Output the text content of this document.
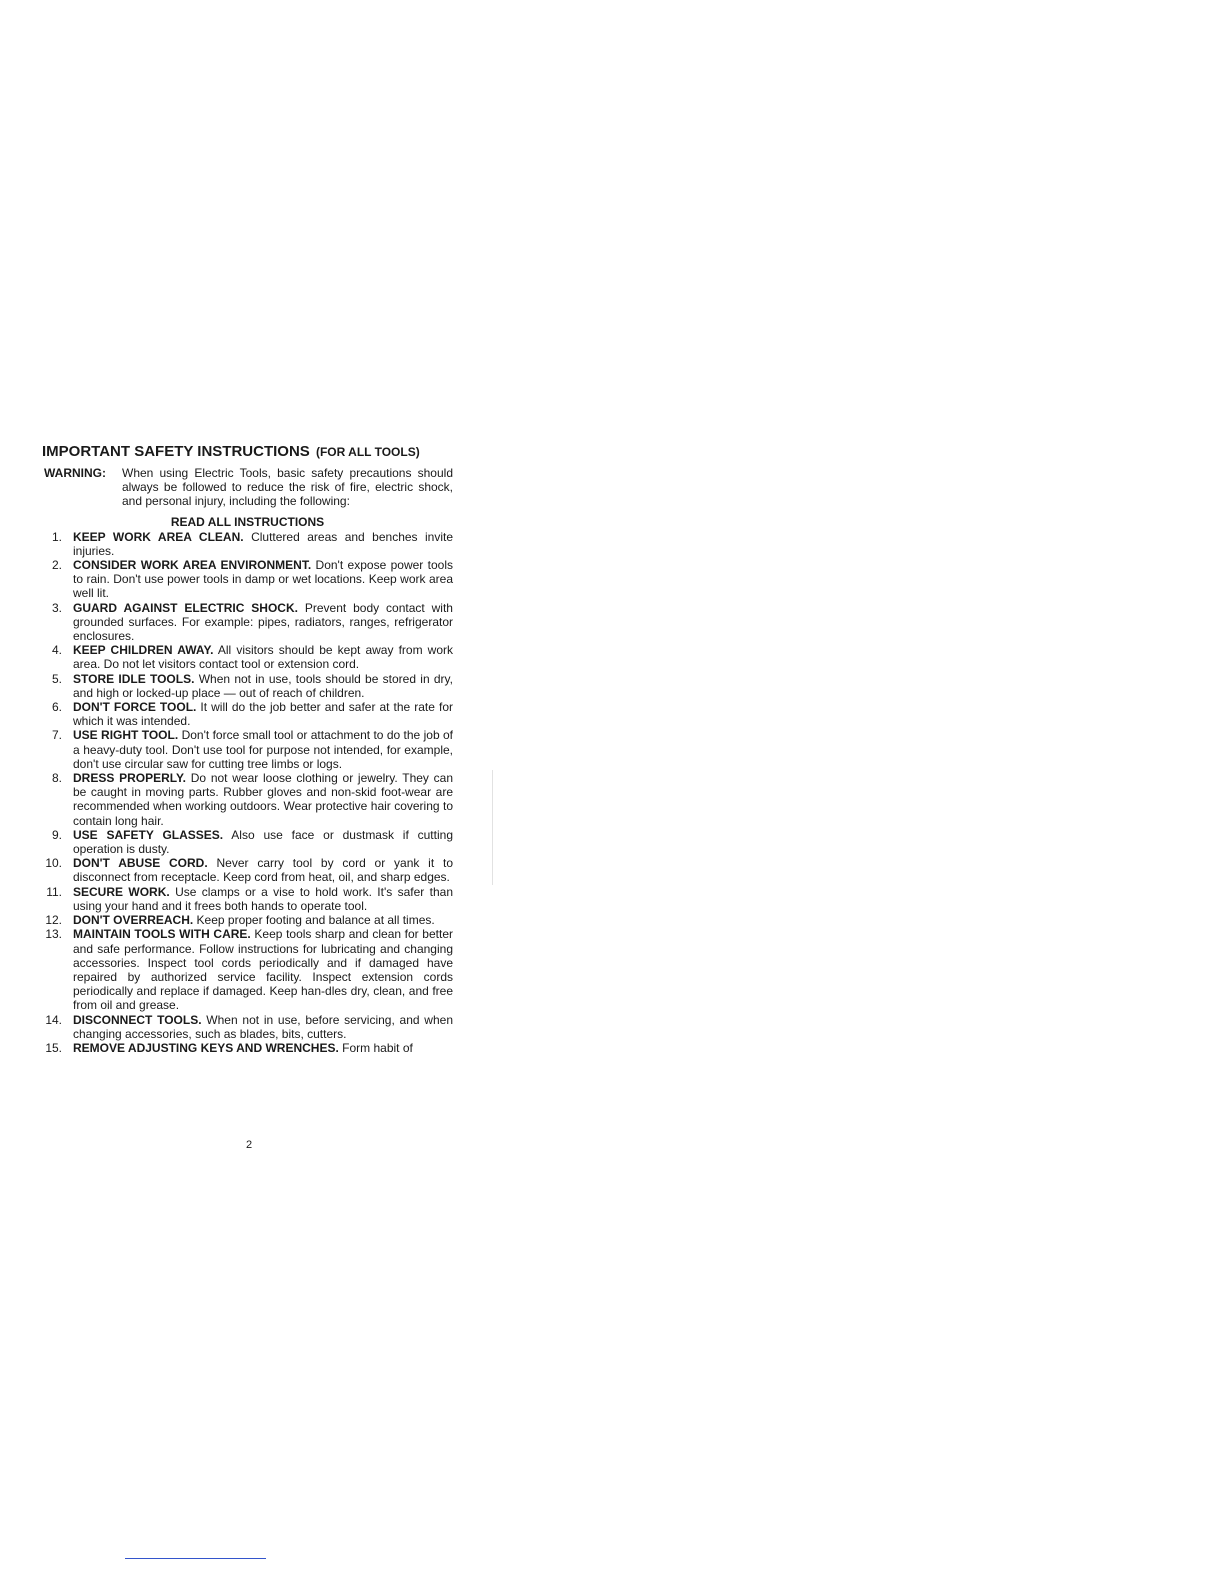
IMPORTANT SAFETY INSTRUCTIONS (FOR ALL TOOLS)
WARNING: When using Electric Tools, basic safety precautions should always be followed to reduce the risk of fire, electric shock, and personal injury, including the following:
READ ALL INSTRUCTIONS
1. KEEP WORK AREA CLEAN. Cluttered areas and benches invite injuries.
2. CONSIDER WORK AREA ENVIRONMENT. Don't expose power tools to rain. Don't use power tools in damp or wet locations. Keep work area well lit.
3. GUARD AGAINST ELECTRIC SHOCK. Prevent body contact with grounded surfaces. For example: pipes, radiators, ranges, refrigerator enclosures.
4. KEEP CHILDREN AWAY. All visitors should be kept away from work area. Do not let visitors contact tool or extension cord.
5. STORE IDLE TOOLS. When not in use, tools should be stored in dry, and high or locked-up place — out of reach of children.
6. DON'T FORCE TOOL. It will do the job better and safer at the rate for which it was intended.
7. USE RIGHT TOOL. Don't force small tool or attachment to do the job of a heavy-duty tool. Don't use tool for purpose not intended, for example, don't use circular saw for cutting tree limbs or logs.
8. DRESS PROPERLY. Do not wear loose clothing or jewelry. They can be caught in moving parts. Rubber gloves and non-skid foot-wear are recommended when working outdoors. Wear protective hair covering to contain long hair.
9. USE SAFETY GLASSES. Also use face or dustmask if cutting operation is dusty.
10. DON'T ABUSE CORD. Never carry tool by cord or yank it to disconnect from receptacle. Keep cord from heat, oil, and sharp edges.
11. SECURE WORK. Use clamps or a vise to hold work. It's safer than using your hand and it frees both hands to operate tool.
12. DON'T OVERREACH. Keep proper footing and balance at all times.
13. MAINTAIN TOOLS WITH CARE. Keep tools sharp and clean for better and safe performance. Follow instructions for lubricating and changing accessories. Inspect tool cords periodically and if damaged have repaired by authorized service facility. Inspect extension cords periodically and replace if damaged. Keep han-dles dry, clean, and free from oil and grease.
14. DISCONNECT TOOLS. When not in use, before servicing, and when changing accessories, such as blades, bits, cutters.
15. REMOVE ADJUSTING KEYS AND WRENCHES. Form habit of
2
